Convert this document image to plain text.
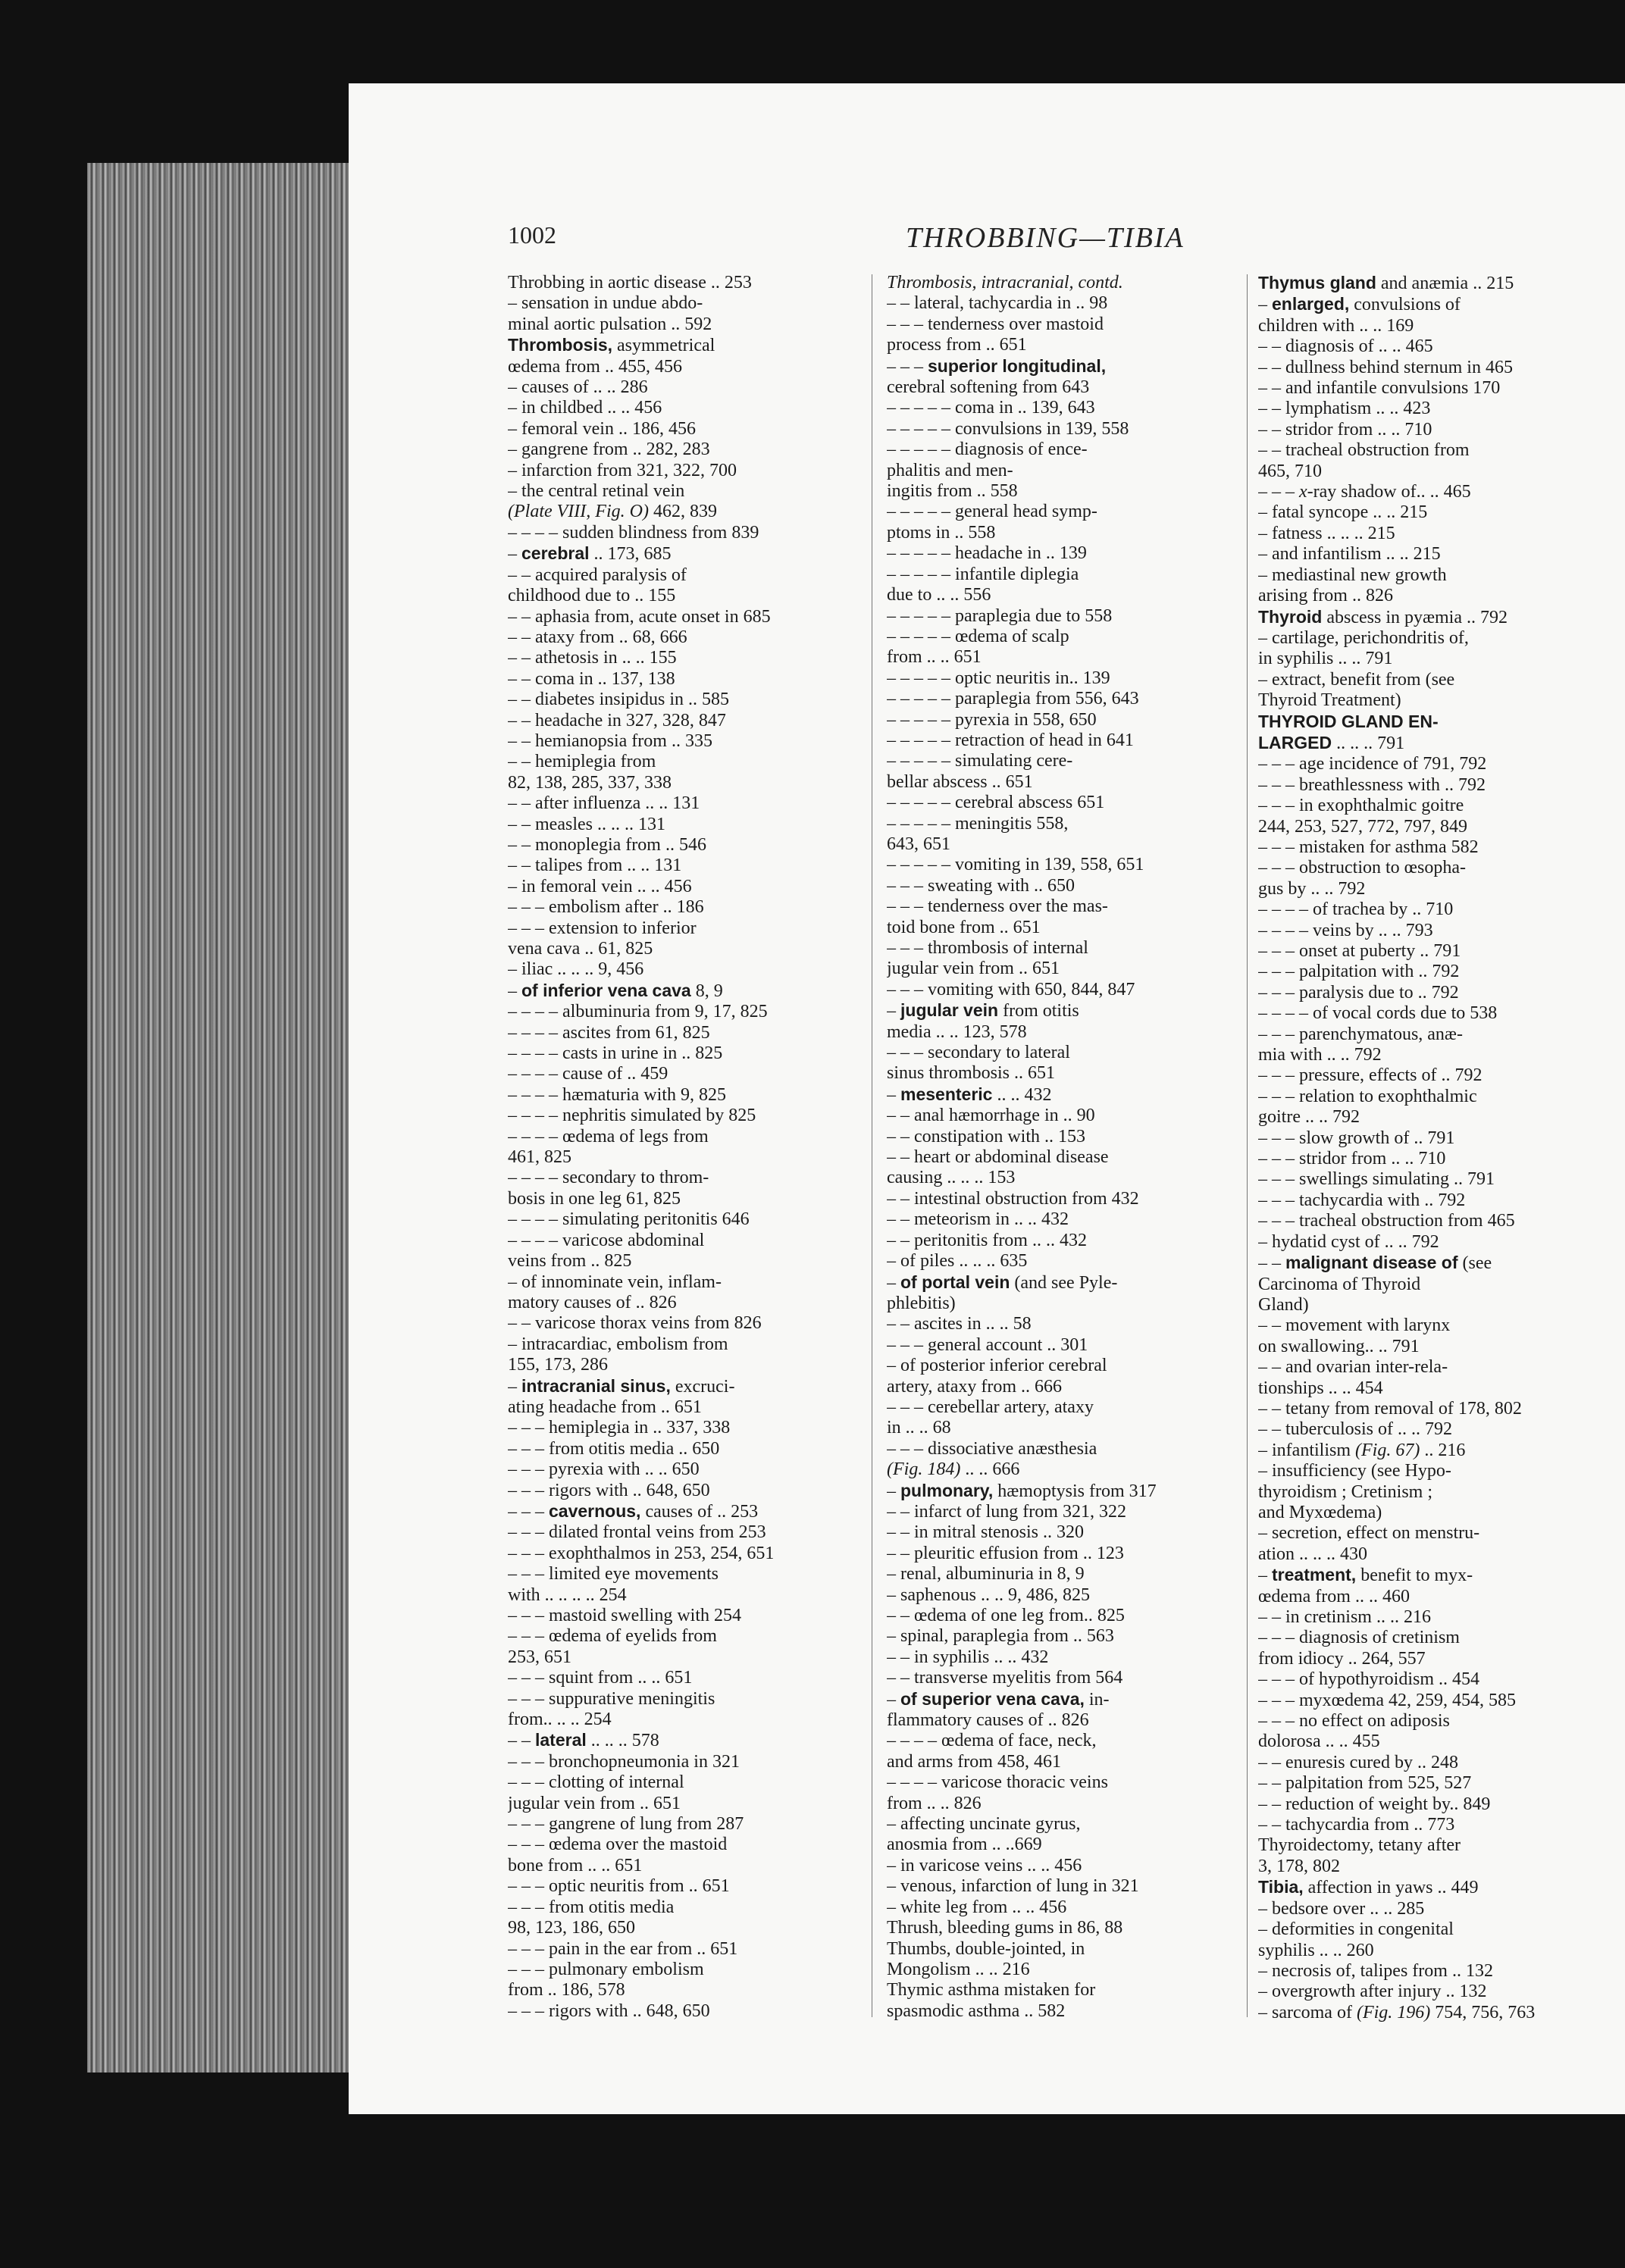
1002	THROBBING—TIBIA
Throbbing in aortic disease .. 253
– sensation in undue abdo-
minal aortic pulsation .. 592
Thrombosis, asymmetrical
œdema from .. 455, 456
– causes of .. .. 286
– in childbed .. .. 456
– femoral vein .. 186, 456
– gangrene from .. 282, 283
– infarction from 321, 322, 700
– the central retinal vein
(Plate VIII, Fig. O) 462, 839
– – – – sudden blindness from 839
– cerebral .. 173, 685
– – acquired paralysis of
childhood due to .. 155
– – aphasia from, acute onset in 685
– – ataxy from .. 68, 666
– – athetosis in .. .. 155
– – coma in .. 137, 138
– – diabetes insipidus in .. 585
– – headache in 327, 328, 847
– – hemianopsia from .. 335
– – hemiplegia from
82, 138, 285, 337, 338
– – after influenza .. .. 131
– – measles .. .. .. 131
– – monoplegia from .. 546
– – talipes from .. .. 131
– in femoral vein .. .. 456
– – – embolism after .. 186
– – – extension to inferior
vena cava .. 61, 825
– iliac .. .. .. 9, 456
– of inferior vena cava 8, 9
– – – – albuminuria from 9, 17, 825
– – – – ascites from 61, 825
– – – – casts in urine in .. 825
– – – – cause of .. 459
– – – – hæmaturia with 9, 825
– – – – nephritis simulated by 825
– – – – œdema of legs from
461, 825
– – – – secondary to throm-
bosis in one leg 61, 825
– – – – simulating peritonitis 646
– – – – varicose abdominal
veins from .. 825
– of innominate vein, inflam-
matory causes of .. 826
– – varicose thorax veins from 826
– intracardiac, embolism from
155, 173, 286
– intracranial sinus, excruci-
ating headache from .. 651
– – – hemiplegia in .. 337, 338
– – – from otitis media .. 650
– – – pyrexia with .. .. 650
– – – rigors with .. 648, 650
– – – cavernous, causes of .. 253
– – – dilated frontal veins from 253
– – – exophthalmos in 253, 254, 651
– – – limited eye movements
with .. .. .. .. 254
– – – mastoid swelling with 254
– – – œdema of eyelids from
253, 651
– – – squint from .. .. 651
– – – suppurative meningitis
from.. .. .. 254
– – lateral .. .. .. 578
– – – bronchopneumonia in 321
– – – clotting of internal
jugular vein from .. 651
– – – gangrene of lung from 287
– – – œdema over the mastoid
bone from .. .. 651
– – – optic neuritis from .. 651
– – – from otitis media
98, 123, 186, 650
– – – pain in the ear from .. 651
– – – pulmonary embolism
from .. 186, 578
– – – rigors with .. 648, 650
Thrombosis, intracranial, contd.
– – lateral, tachycardia in .. 98
– – – tenderness over mastoid
process from .. 651
– – – superior longitudinal,
cerebral softening from 643
– – – – – coma in .. 139, 643
– – – – – convulsions in 139, 558
– – – – – diagnosis of ence-
phalitis and men-
ingitis from .. 558
– – – – – general head symp-
ptoms in .. 558
– – – – – headache in .. 139
– – – – – infantile diplegia
due to .. .. 556
– – – – – paraplegia due to 558
– – – – – œdema of scalp
from .. .. 651
– – – – – optic neuritis in.. 139
– – – – – paraplegia from 556, 643
– – – – – pyrexia in 558, 650
– – – – – retraction of head in 641
– – – – – simulating cere-
bellar abscess .. 651
– – – – – cerebral abscess 651
– – – – – meningitis 558,
643, 651
– – – – – vomiting in 139, 558, 651
– – – sweating with .. 650
– – – tenderness over the mas-
toid bone from .. 651
– – – thrombosis of internal
jugular vein from .. 651
– – – vomiting with 650, 844, 847
– jugular vein from otitis
media .. .. 123, 578
– – – secondary to lateral
sinus thrombosis .. 651
– mesenteric .. .. 432
– – anal hæmorrhage in .. 90
– – constipation with .. 153
– – heart or abdominal disease
causing .. .. .. 153
– – intestinal obstruction from 432
– – meteorism in .. .. 432
– – peritonitis from .. .. 432
– of piles .. .. .. 635
– of portal vein (and see Pyle-
phlebitis)
– – ascites in .. .. 58
– – – general account .. 301
– of posterior inferior cerebral
artery, ataxy from .. 666
– – – cerebellar artery, ataxy
in .. .. 68
– – – dissociative anæsthesia
(Fig. 184) .. .. 666
– pulmonary, hæmoptysis from 317
– – infarct of lung from 321, 322
– – in mitral stenosis .. 320
– – pleuritic effusion from .. 123
– renal, albuminuria in 8, 9
– saphenous .. .. 9, 486, 825
– – œdema of one leg from.. 825
– spinal, paraplegia from .. 563
– – in syphilis .. .. 432
– – transverse myelitis from 564
– of superior vena cava, in-
flammatory causes of .. 826
– – – – œdema of face, neck,
and arms from 458, 461
– – – – varicose thoracic veins
from .. .. 826
– affecting uncinate gyrus,
anosmia from .. ..669
– in varicose veins .. .. 456
– venous, infarction of lung in 321
– white leg from .. .. 456
Thrush, bleeding gums in 86, 88
Thumbs, double-jointed, in
Mongolism .. .. 216
Thymic asthma mistaken for
spasmodic asthma .. 582
Thymus gland and anæmia .. 215
– enlarged, convulsions of
children with .. .. 169
– – diagnosis of .. .. 465
– – dullness behind sternum in 465
– – and infantile convulsions 170
– – lymphatism .. .. 423
– – stridor from .. .. 710
– – tracheal obstruction from
465, 710
– – – x-ray shadow of.. .. 465
– fatal syncope .. .. 215
– fatness .. .. .. 215
– and infantilism .. .. 215
– mediastinal new growth
arising from .. 826
Thyroid abscess in pyæmia .. 792
– cartilage, perichondritis of,
in syphilis .. .. 791
– extract, benefit from (see
Thyroid Treatment)
THYROID GLAND EN-
LARGED .. .. .. 791
– – – age incidence of 791, 792
– – – breathlessness with .. 792
– – – in exophthalmic goitre
244, 253, 527, 772, 797, 849
– – – mistaken for asthma 582
– – – obstruction to œsopha-
gus by .. .. 792
– – – – of trachea by .. 710
– – – – veins by .. .. 793
– – – onset at puberty .. 791
– – – palpitation with .. 792
– – – paralysis due to .. 792
– – – – of vocal cords due to 538
– – – parenchymatous, anæ-
mia with .. .. 792
– – – pressure, effects of .. 792
– – – relation to exophthalmic
goitre .. .. 792
– – – slow growth of .. 791
– – – stridor from .. .. 710
– – – swellings simulating .. 791
– – – tachycardia with .. 792
– – – tracheal obstruction from 465
– hydatid cyst of .. .. 792
– – malignant disease of (see
Carcinoma of Thyroid
Gland)
– – movement with larynx
on swallowing.. .. 791
– – and ovarian inter-rela-
tionships .. .. 454
– – tetany from removal of 178, 802
– – tuberculosis of .. .. 792
– infantilism (Fig. 67) .. 216
– insufficiency (see Hypo-
thyroidism ; Cretinism ;
and Myxœdema)
– secretion, effect on menstru-
ation .. .. .. 430
– treatment, benefit to myx-
œdema from .. .. 460
– – in cretinism .. .. 216
– – – diagnosis of cretinism
from idiocy .. 264, 557
– – – of hypothyroidism .. 454
– – – myxœdema 42, 259, 454, 585
– – – no effect on adiposis
dolorosa .. .. 455
– – enuresis cured by .. 248
– – palpitation from 525, 527
– – reduction of weight by.. 849
– – tachycardia from .. 773
Thyroidectomy, tetany after
3, 178, 802
Tibia, affection in yaws .. 449
– bedsore over .. .. 285
– deformities in congenital
syphilis .. .. 260
– necrosis of, talipes from .. 132
– overgrowth after injury .. 132
– sarcoma of (Fig. 196) 754, 756, 763
